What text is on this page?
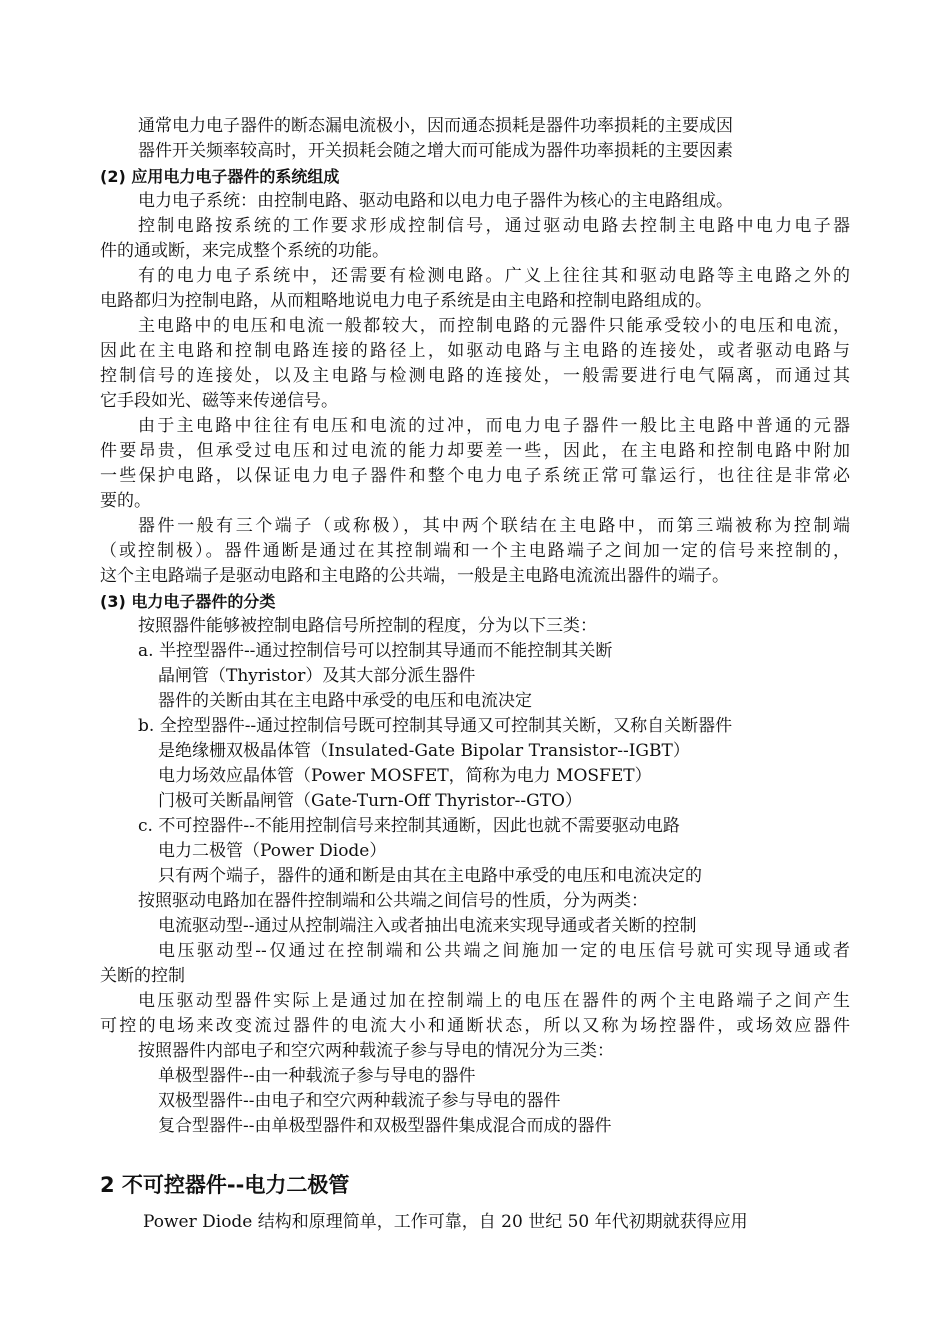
通常电力电子器件的断态漏电流极小，因而通态损耗是器件功率损耗的主要成因
器件开关频率较高时，开关损耗会随之增大而可能成为器件功率损耗的主要因素
(2) 应用电力电子器件的系统组成
电力电子系统：由控制电路、驱动电路和以电力电子器件为核心的主电路组成。
控制电路按系统的工作要求形成控制信号，通过驱动电路去控制主电路中电力电子器
件的通或断，来完成整个系统的功能。
有的电力电子系统中，还需要有检测电路。广义上往往其和驱动电路等主电路之外的
电路都归为控制电路，从而粗略地说电力电子系统是由主电路和控制电路组成的。
主电路中的电压和电流一般都较大，而控制电路的元器件只能承受较小的电压和电流，
因此在主电路和控制电路连接的路径上，如驱动电路与主电路的连接处，或者驱动电路与
控制信号的连接处，以及主电路与检测电路的连接处，一般需要进行电气隔离，而通过其
它手段如光、磁等来传递信号。
由于主电路中往往有电压和电流的过冲，而电力电子器件一般比主电路中普通的元器
件要昂贵，但承受过电压和过电流的能力却要差一些，因此，在主电路和控制电路中附加
一些保护电路，以保证电力电子器件和整个电力电子系统正常可靠运行，也往往是非常必
要的。
器件一般有三个端子（或称极），其中两个联结在主电路中，而第三端被称为控制端
（或控制极）。器件通断是通过在其控制端和一个主电路端子之间加一定的信号来控制的，
这个主电路端子是驱动电路和主电路的公共端，一般是主电路电流流出器件的端子。
(3) 电力电子器件的分类
按照器件能够被控制电路信号所控制的程度，分为以下三类：
a. 半控型器件--通过控制信号可以控制其导通而不能控制其关断
晶闸管（Thyristor）及其大部分派生器件
器件的关断由其在主电路中承受的电压和电流决定
b. 全控型器件--通过控制信号既可控制其导通又可控制其关断，又称自关断器件
是绝缘栅双极晶体管（Insulated-Gate Bipolar Transistor--IGBT）
电力场效应晶体管（Power MOSFET，简称为电力 MOSFET）
门极可关断晶闸管（Gate-Turn-Off Thyristor--GTO）
c. 不可控器件--不能用控制信号来控制其通断，因此也就不需要驱动电路
电力二极管（Power Diode）
只有两个端子，器件的通和断是由其在主电路中承受的电压和电流决定的
按照驱动电路加在器件控制端和公共端之间信号的性质，分为两类：
电流驱动型--通过从控制端注入或者抽出电流来实现导通或者关断的控制
电压驱动型--仅通过在控制端和公共端之间施加一定的电压信号就可实现导通或者
关断的控制
电压驱动型器件实际上是通过加在控制端上的电压在器件的两个主电路端子之间产生
可控的电场来改变流过器件的电流大小和通断状态，所以又称为场控器件，或场效应器件
按照器件内部电子和空穴两种载流子参与导电的情况分为三类：
单极型器件--由一种载流子参与导电的器件
双极型器件--由电子和空穴两种载流子参与导电的器件
复合型器件--由单极型器件和双极型器件集成混合而成的器件
2 不可控器件--电力二极管
Power Diode 结构和原理简单，工作可靠，自 20 世纪 50 年代初期就获得应用
